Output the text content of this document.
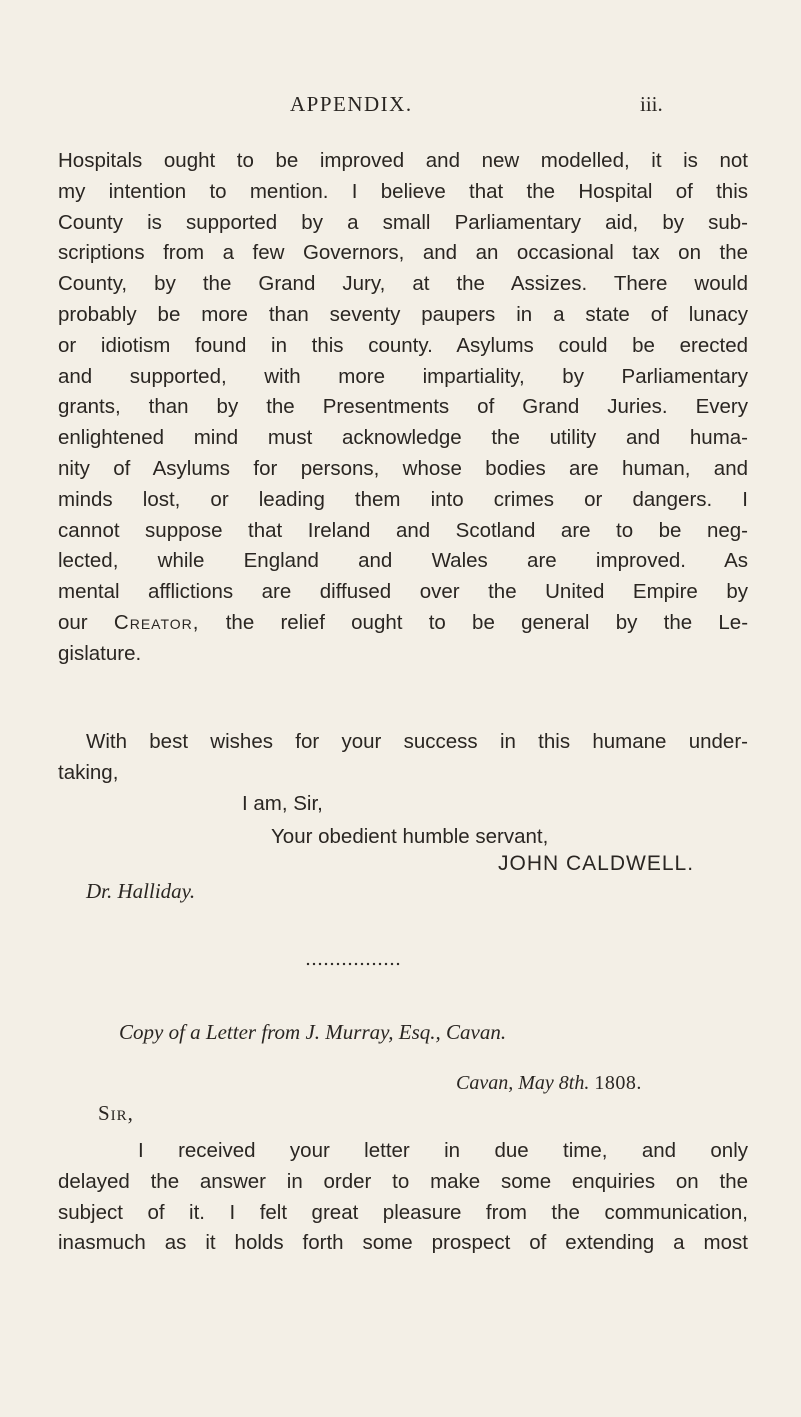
APPENDIX.	iii.
Hospitals ought to be improved and new modelled, it is not
my intention to mention. I believe that the Hospital of this
County is supported by a small Parliamentary aid, by sub-
scriptions from a few Governors, and an occasional tax on the
County, by the Grand Jury, at the Assizes. There would
probably be more than seventy paupers in a state of lunacy
or idiotism found in this county. Asylums could be erected
and supported, with more impartiality, by Parliamentary
grants, than by the Presentments of Grand Juries. Every
enlightened mind must acknowledge the utility and huma-
nity of Asylums for persons, whose bodies are human, and
minds lost, or leading them into crimes or dangers. I
cannot suppose that Ireland and Scotland are to be neg-
lected, while England and Wales are improved. As
mental afflictions are diffused over the United Empire by
our Creator, the relief ought to be general by the Le-
gislature.
With best wishes for your success in this humane under-
taking,
I am, Sir,
Your obedient humble servant,
JOHN CALDWELL.
Dr. Halliday.
Copy of a Letter from J. Murray, Esq., Cavan.
Cavan, May 8th. 1808.
Sir,
I received your letter in due time, and only
delayed the answer in order to make some enquiries on the
subject of it. I felt great pleasure from the communication,
inasmuch as it holds forth some prospect of extending a most
